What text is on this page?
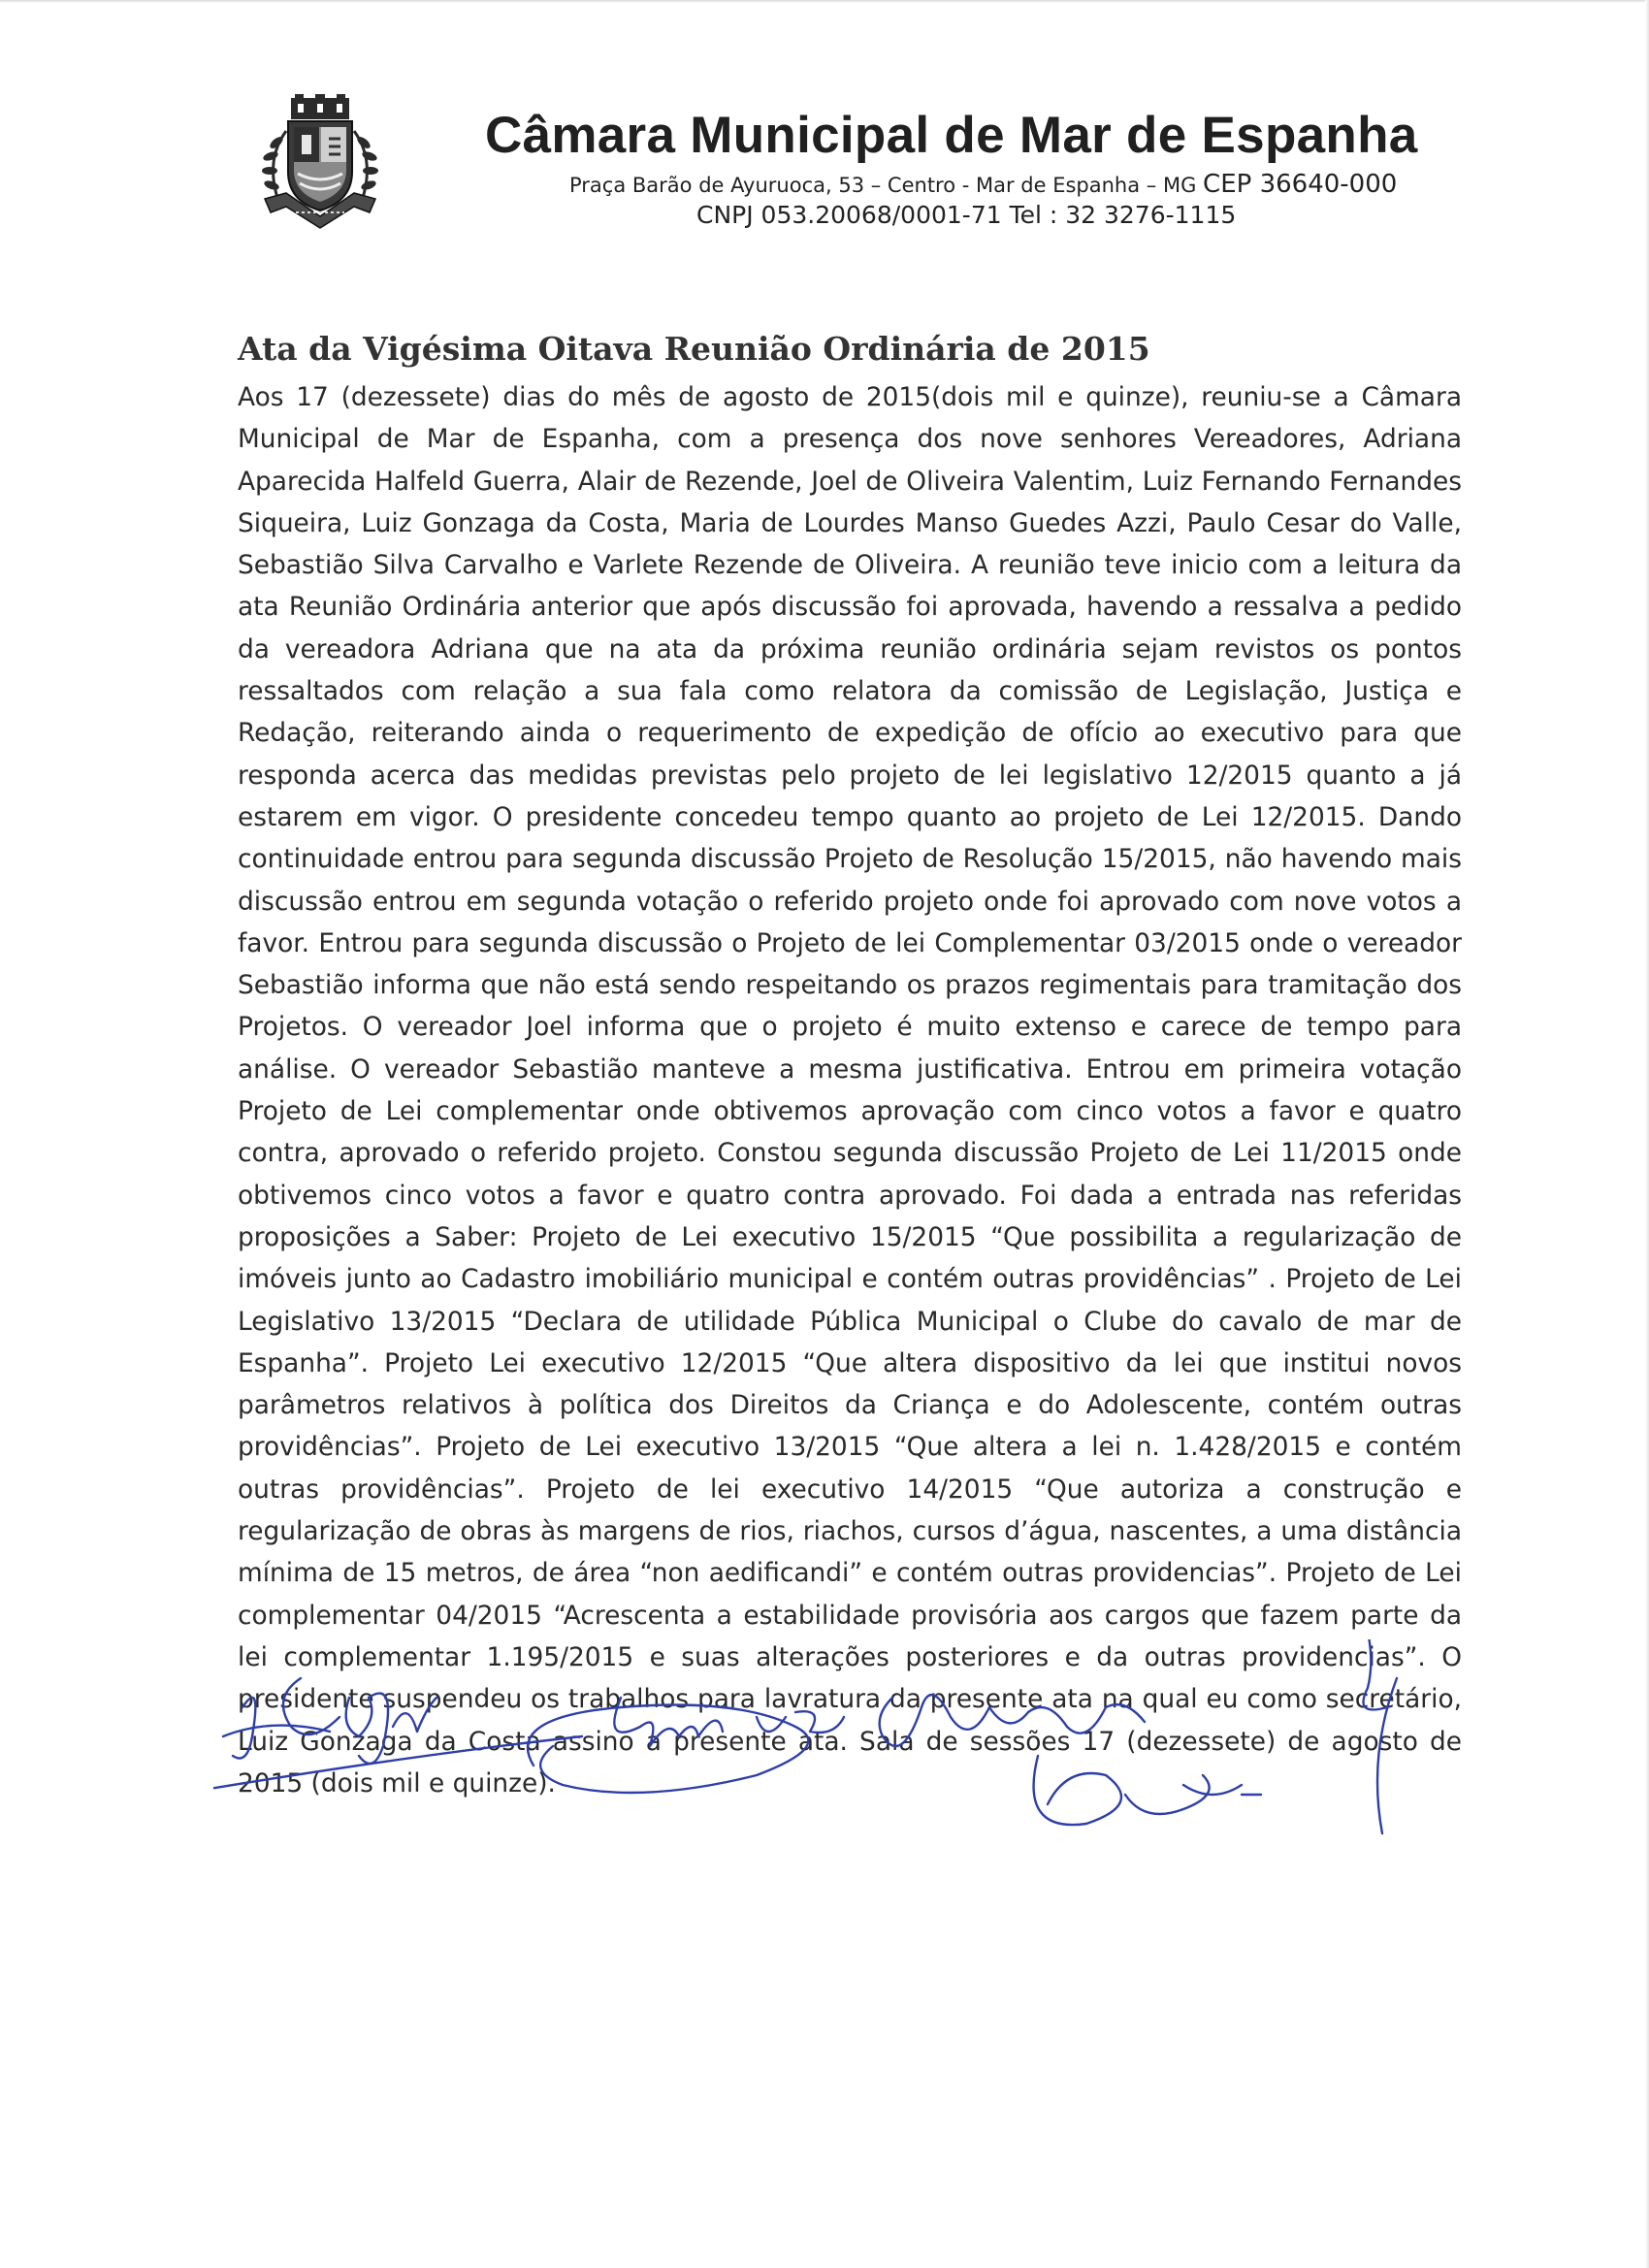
Câmara Municipal de Mar de Espanha
Praça Barão de Ayuruoca, 53 – Centro - Mar de Espanha – MG CEP 36640-000
CNPJ 053.20068/0001-71 Tel : 32 3276-1115
Ata da Vigésima Oitava Reunião Ordinária de 2015

Aos 17 (dezessete) dias do mês de agosto de 2015(dois mil e quinze), reuniu-se a Câmara Municipal de Mar de Espanha, com a presença dos nove senhores Vereadores, Adriana Aparecida Halfeld Guerra, Alair de Rezende, Joel de Oliveira Valentim, Luiz Fernando Fernandes Siqueira, Luiz Gonzaga da Costa, Maria de Lourdes Manso Guedes Azzi, Paulo Cesar do Valle, Sebastião Silva Carvalho e Varlete Rezende de Oliveira. A reunião teve inicio com a leitura da ata Reunião Ordinária anterior que após discussão foi aprovada, havendo a ressalva a pedido da vereadora Adriana que na ata da próxima reunião ordinária sejam revistos os pontos ressaltados com relação a sua fala como relatora da comissão de Legislação, Justiça e Redação, reiterando ainda o requerimento de expedição de ofício ao executivo para que responda acerca das medidas previstas pelo projeto de lei legislativo 12/2015 quanto a já estarem em vigor. O presidente concedeu tempo quanto ao projeto de Lei 12/2015. Dando continuidade entrou para segunda discussão Projeto de Resolução 15/2015, não havendo mais discussão entrou em segunda votação o referido projeto onde foi aprovado com nove votos a favor. Entrou para segunda discussão o Projeto de lei Complementar 03/2015 onde o vereador Sebastião informa que não está sendo respeitando os prazos regimentais para tramitação dos Projetos. O vereador Joel informa que o projeto é muito extenso e carece de tempo para análise. O vereador Sebastião manteve a mesma justificativa. Entrou em primeira votação Projeto de Lei complementar onde obtivemos aprovação com cinco votos a favor e quatro contra, aprovado o referido projeto. Constou segunda discussão Projeto de Lei 11/2015 onde obtivemos cinco votos a favor e quatro contra aprovado. Foi dada a entrada nas referidas proposições a Saber: Projeto de Lei executivo 15/2015 “Que possibilita a regularização de imóveis junto ao Cadastro imobiliário municipal e contém outras providências” . Projeto de Lei Legislativo 13/2015 “Declara de utilidade Pública Municipal o Clube do cavalo de mar de Espanha”. Projeto Lei executivo 12/2015 “Que altera dispositivo da lei que institui novos parâmetros relativos à política dos Direitos da Criança e do Adolescente, contém outras providências”. Projeto de Lei executivo 13/2015 “Que altera a lei n. 1.428/2015 e contém outras providências”. Projeto de lei executivo 14/2015 “Que autoriza a construção e regularização de obras às margens de rios, riachos, cursos d’água, nascentes, a uma distância mínima de 15 metros, de área “non aedificandi” e contém outras providencias”. Projeto de Lei complementar 04/2015 “Acrescenta a estabilidade provisória aos cargos que fazem parte da lei complementar 1.195/2015 e suas alterações posteriores e da outras providencias”. O presidente suspendeu os trabalhos para lavratura da presente ata na qual eu como secretário, Luiz Gonzaga da Costa assino a presente ata. Sala de sessões 17 (dezessete) de agosto de 2015 (dois mil e quinze).
